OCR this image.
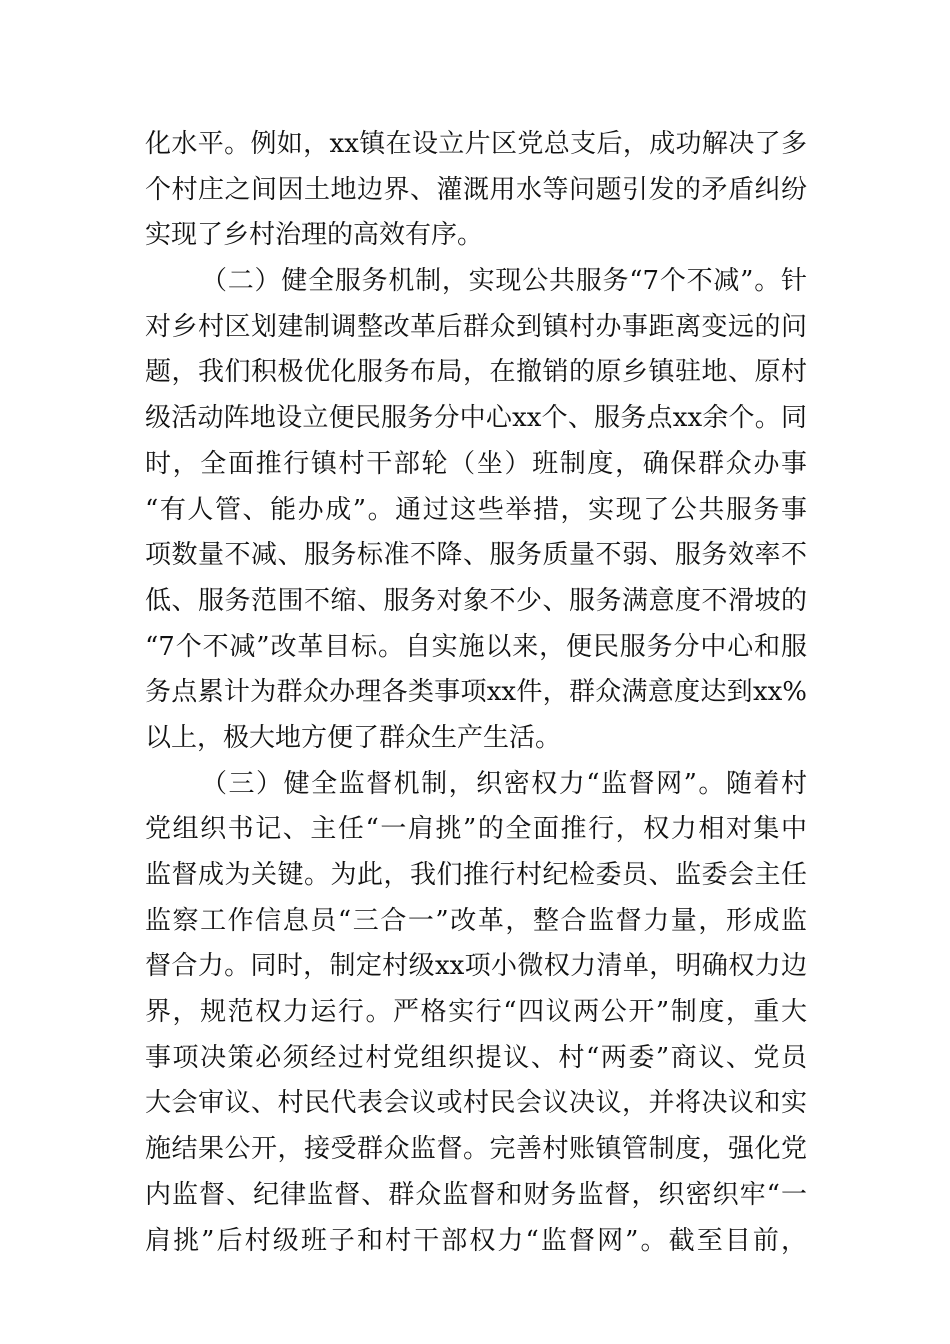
化水平。例如，xx镇在设立片区党总支后，成功解决了多
个村庄之间因土地边界、灌溉用水等问题引发的矛盾纠纷
实现了乡村治理的高效有序。
（二）健全服务机制，实现公共服务“7个不减”。针
对乡村区划建制调整改革后群众到镇村办事距离变远的问
题，我们积极优化服务布局，在撤销的原乡镇驻地、原村
级活动阵地设立便民服务分中心xx个、服务点xx余个。同
时，全面推行镇村干部轮（坐）班制度，确保群众办事
“有人管、能办成”。通过这些举措，实现了公共服务事
项数量不减、服务标准不降、服务质量不弱、服务效率不
低、服务范围不缩、服务对象不少、服务满意度不滑坡的
“7个不减”改革目标。自实施以来，便民服务分中心和服
务点累计为群众办理各类事项xx件，群众满意度达到xx%
以上，极大地方便了群众生产生活。
（三）健全监督机制，织密权力“监督网”。随着村
党组织书记、主任“一肩挑”的全面推行，权力相对集中
监督成为关键。为此，我们推行村纪检委员、监委会主任
监察工作信息员“三合一”改革，整合监督力量，形成监
督合力。同时，制定村级xx项小微权力清单，明确权力边
界，规范权力运行。严格实行“四议两公开”制度，重大
事项决策必须经过村党组织提议、村“两委”商议、党员
大会审议、村民代表会议或村民会议决议，并将决议和实
施结果公开，接受群众监督。完善村账镇管制度，强化党
内监督、纪律监督、群众监督和财务监督，织密织牢“一
肩挑”后村级班子和村干部权力“监督网”。截至目前，
